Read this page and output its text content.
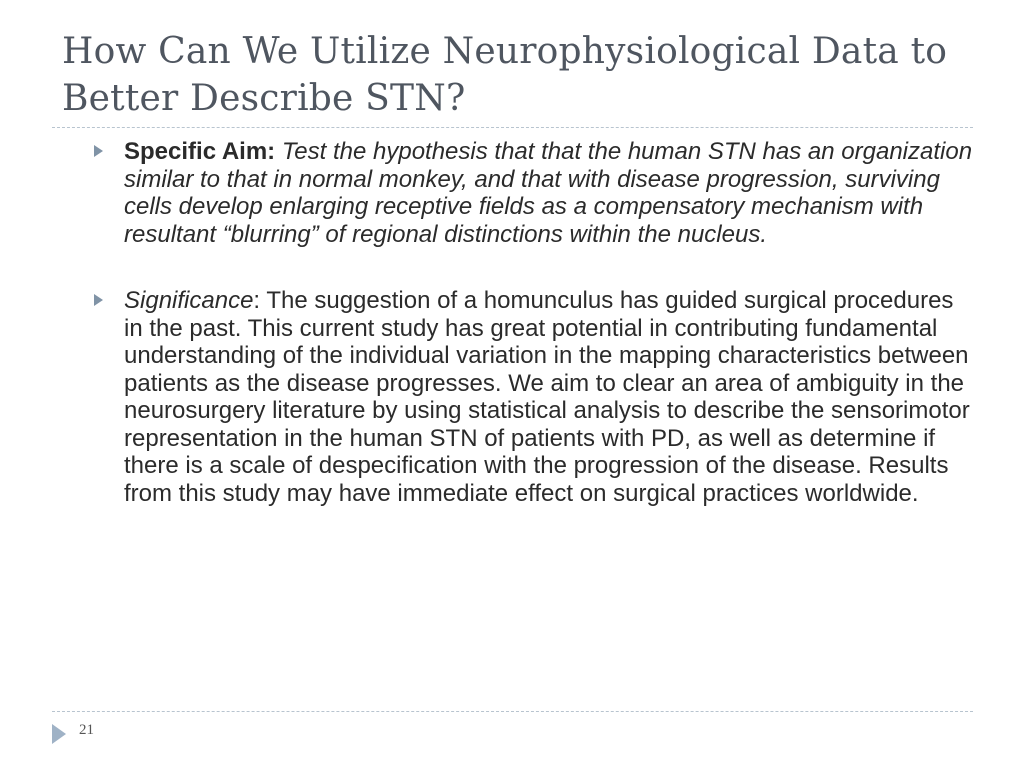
How Can We Utilize Neurophysiological Data to Better Describe STN?
Specific Aim: Test the hypothesis that that the human STN has an organization similar to that in normal monkey, and that with disease progression, surviving cells develop enlarging receptive fields as a compensatory mechanism with resultant “blurring” of regional distinctions within the nucleus.
Significance: The suggestion of a homunculus has guided surgical procedures in the past. This current study has great potential in contributing fundamental understanding of the individual variation in the mapping characteristics between patients as the disease progresses. We aim to clear an area of ambiguity in the neurosurgery literature by using statistical analysis to describe the sensorimotor representation in the human STN of patients with PD, as well as determine if there is a scale of despecification with the progression of the disease. Results from this study may have immediate effect on surgical practices worldwide.
21
